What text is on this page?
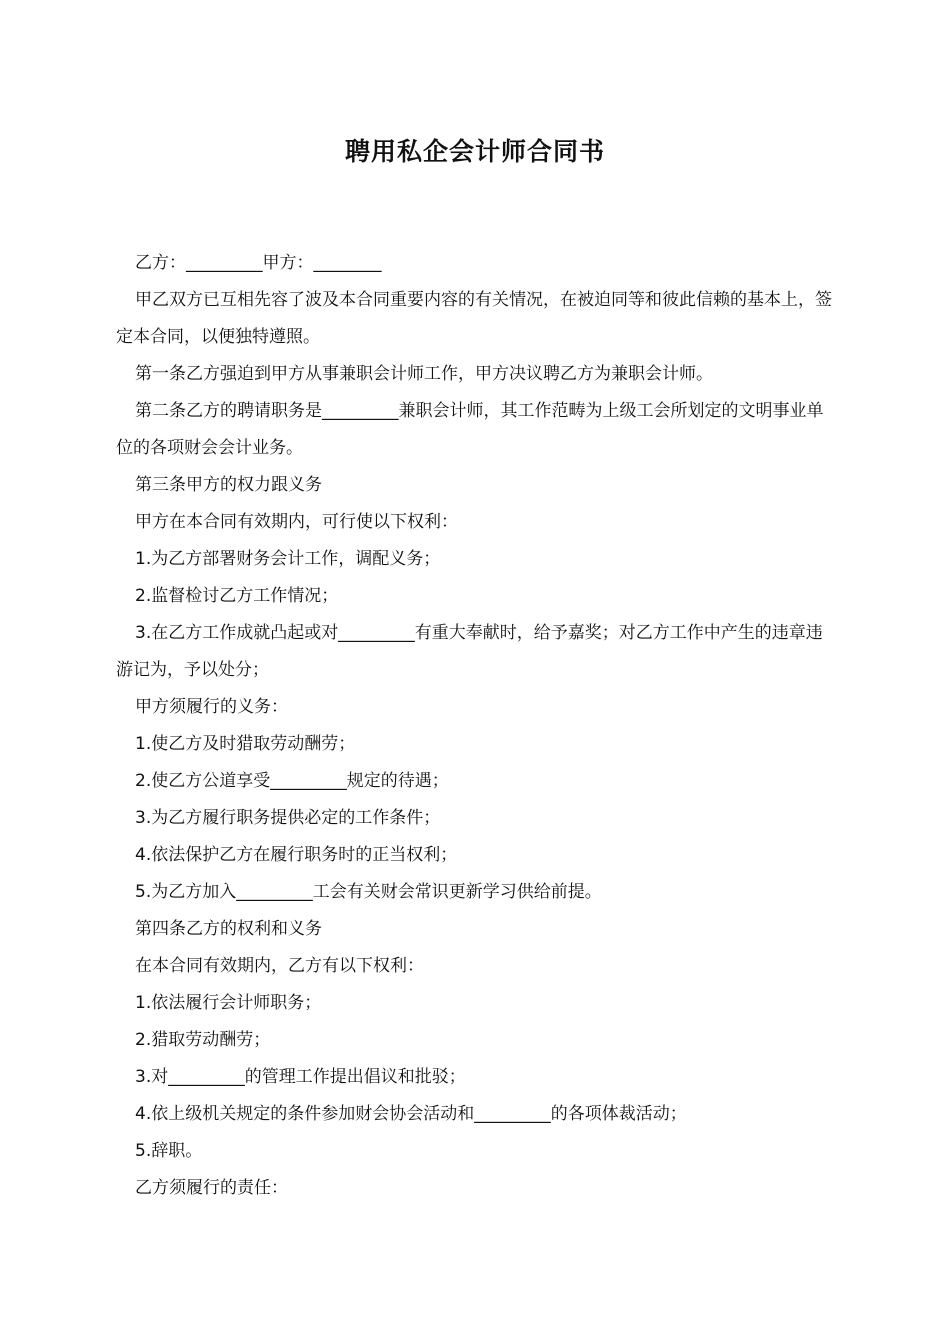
聘用私企会计师合同书

乙方：_________甲方：________

甲乙双方已互相先容了波及本合同重要内容的有关情况，在被迫同等和彼此信赖的基本上，签定本合同，以便独特遵照。

第一条乙方强迫到甲方从事兼职会计师工作，甲方决议聘乙方为兼职会计师。

第二条乙方的聘请职务是_________兼职会计师，其工作范畴为上级工会所划定的文明事业单位的各项财会会计业务。

第三条甲方的权力跟义务

甲方在本合同有效期内，可行使以下权利：

1.为乙方部署财务会计工作，调配义务；

2.监督检讨乙方工作情况；

3.在乙方工作成就凸起或对_________有重大奉献时，给予嘉奖；对乙方工作中产生的违章违游记为，予以处分；

甲方须履行的义务：

1.使乙方及时猎取劳动酬劳；

2.使乙方公道享受_________规定的待遇；

3.为乙方履行职务提供必定的工作条件；

4.依法保护乙方在履行职务时的正当权利；

5.为乙方加入_________工会有关财会常识更新学习供给前提。

第四条乙方的权利和义务

在本合同有效期内，乙方有以下权利：

1.依法履行会计师职务；

2.猎取劳动酬劳；

3.对_________的管理工作提出倡议和批驳；

4.依上级机关规定的条件参加财会协会活动和_________的各项体裁活动；

5.辞职。

乙方须履行的责任：
